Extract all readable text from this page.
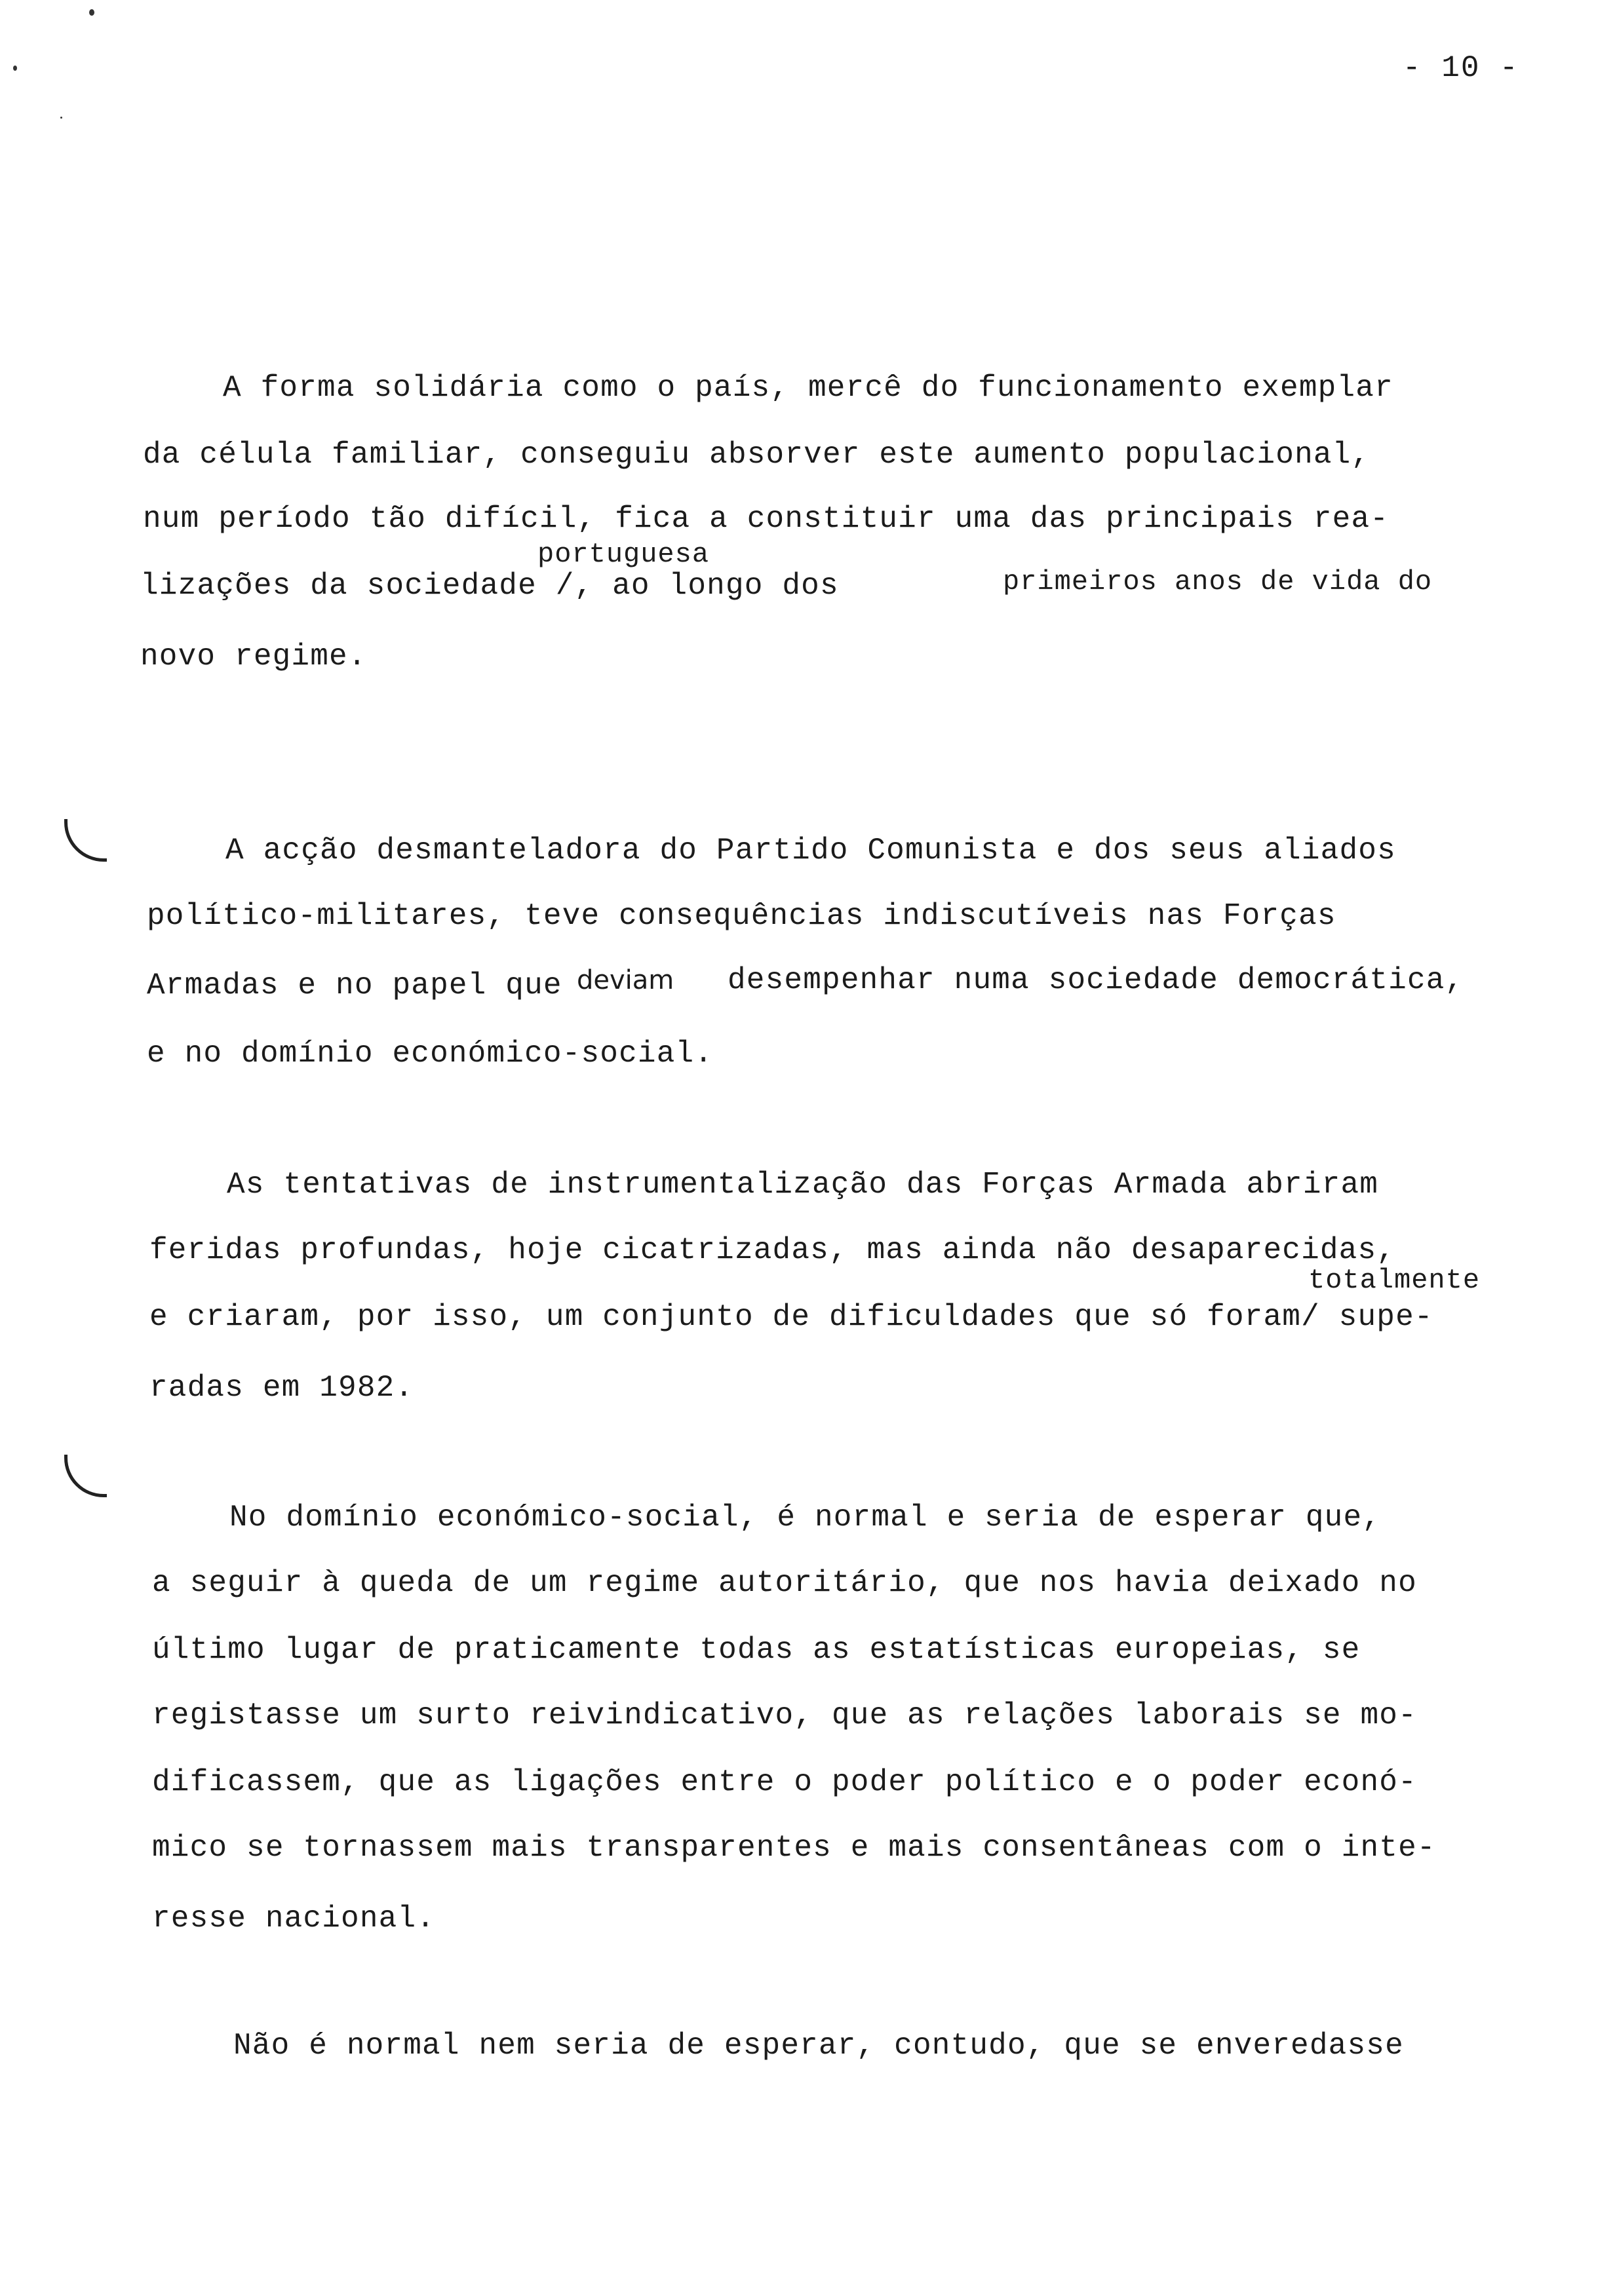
- 10 -
A forma solidária como o país, mercê do funcionamento exemplar
da célula familiar, conseguiu absorver este aumento populacional,
num período tão difícil, fica a constituir uma das principais rea-
portuguesa
lizações da sociedade /, ao longo dos	primeiros anos de vida do
novo regime.
A acção desmanteladora do Partido Comunista e dos seus aliados
político-militares, teve consequências indiscutíveis nas Forças
Armadas e no papel que deviam desempenhar numa sociedade democrática,
e no domínio económico-social.
As tentativas de instrumentalização das Forças Armada abriram
feridas profundas, hoje cicatrizadas, mas ainda não desaparecidas,
totalmente
e criaram, por isso, um conjunto de dificuldades que só foram/ supe-
radas em 1982.
No domínio económico-social, é normal e seria de esperar que,
a seguir à queda de um regime autoritário, que nos havia deixado no
último lugar de praticamente todas as estatísticas europeias, se
registasse um surto reivindicativo, que as relações laborais se mo-
dificassem, que as ligações entre o poder político e o poder econó-
mico se tornassem mais transparentes e mais consentâneas com o inte-
resse nacional.
Não é normal nem seria de esperar, contudo, que se enveredasse
